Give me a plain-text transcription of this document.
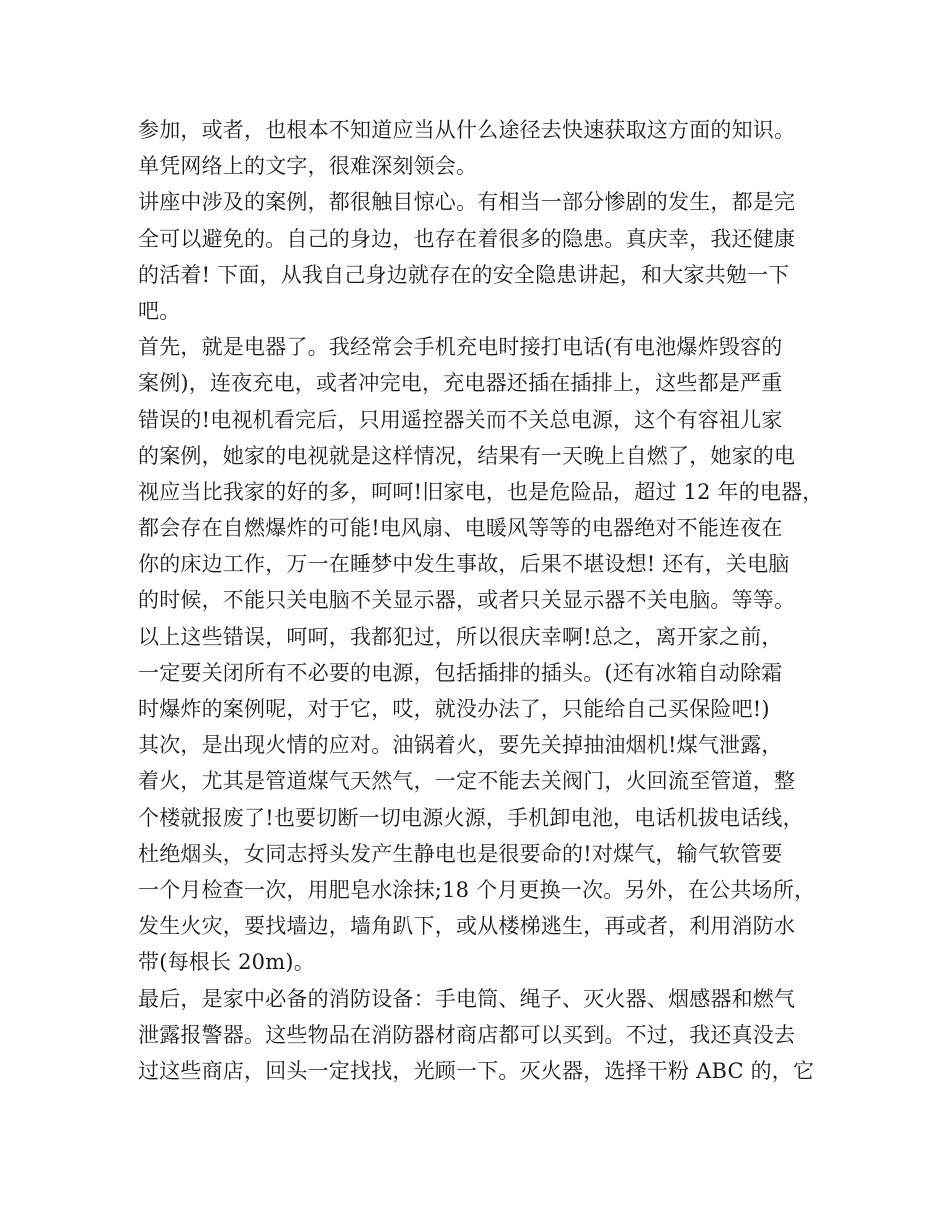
参加，或者，也根本不知道应当从什么途径去快速获取这方面的知识。
单凭网络上的文字，很难深刻领会。
讲座中涉及的案例，都很触目惊心。有相当一部分惨剧的发生，都是完
全可以避免的。自己的身边，也存在着很多的隐患。真庆幸，我还健康
的活着! 下面，从我自己身边就存在的安全隐患讲起，和大家共勉一下
吧。
首先，就是电器了。我经常会手机充电时接打电话(有电池爆炸毁容的
案例)，连夜充电，或者冲完电，充电器还插在插排上，这些都是严重
错误的!电视机看完后，只用遥控器关而不关总电源，这个有容祖儿家
的案例，她家的电视就是这样情况，结果有一天晚上自燃了，她家的电
视应当比我家的好的多，呵呵!旧家电，也是危险品，超过 12 年的电器，
都会存在自燃爆炸的可能!电风扇、电暖风等等的电器绝对不能连夜在
你的床边工作，万一在睡梦中发生事故，后果不堪设想! 还有，关电脑
的时候，不能只关电脑不关显示器，或者只关显示器不关电脑。等等。
以上这些错误，呵呵，我都犯过，所以很庆幸啊!总之，离开家之前，
一定要关闭所有不必要的电源，包括插排的插头。(还有冰箱自动除霜
时爆炸的案例呢，对于它，哎，就没办法了，只能给自己买保险吧!)
其次，是出现火情的应对。油锅着火，要先关掉抽油烟机!煤气泄露，
着火，尤其是管道煤气天然气，一定不能去关阀门，火回流至管道，整
个楼就报废了!也要切断一切电源火源，手机卸电池，电话机拔电话线，
杜绝烟头，女同志捋头发产生静电也是很要命的!对煤气，输气软管要
一个月检查一次，用肥皂水涂抹;18 个月更换一次。另外，在公共场所，
发生火灾，要找墙边，墙角趴下，或从楼梯逃生，再或者，利用消防水
带(每根长 20m)。
最后，是家中必备的消防设备：手电筒、绳子、灭火器、烟感器和燃气
泄露报警器。这些物品在消防器材商店都可以买到。不过，我还真没去
过这些商店，回头一定找找，光顾一下。灭火器，选择干粉 ABC 的，它
